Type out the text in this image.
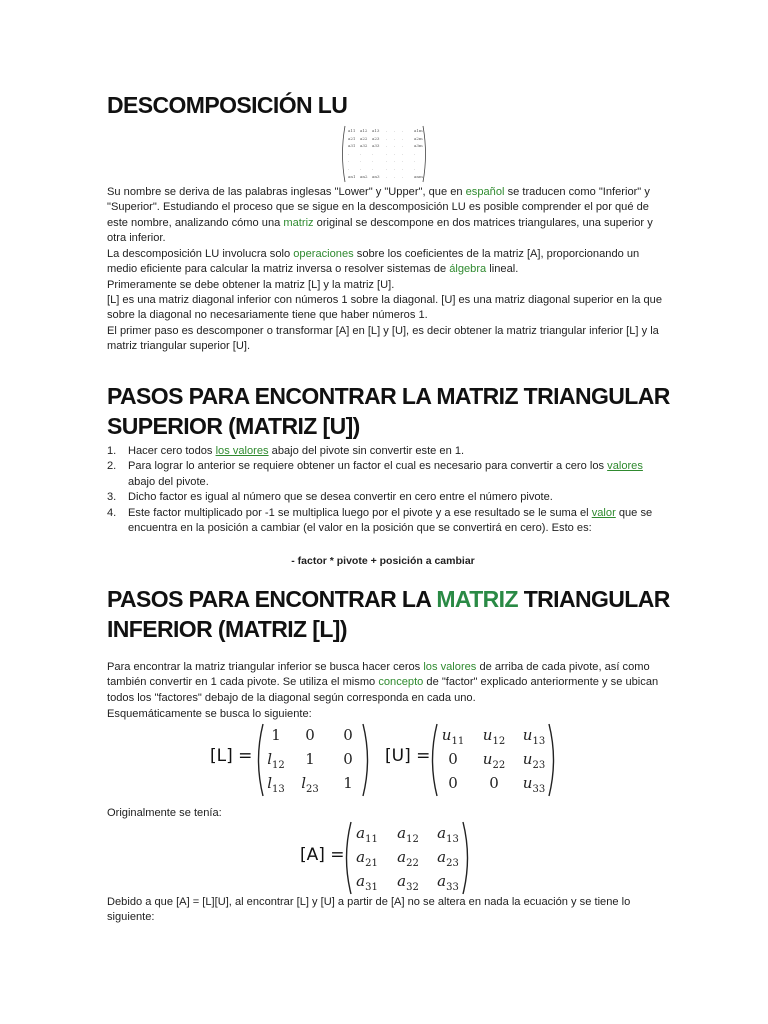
DESCOMPOSICIÓN LU
a11 a12 a13 . . .	a1m
a21 a22 a23 . . .	a2m
a31 a32 a33 . . .	a3m
.	.	.	. . .	.
.	.	.	. . .	.
.	.	.	. . .	.
an1 an2 an3 . . .	anm

Su nombre se deriva de las palabras inglesas "Lower" y "Upper", que en español se traducen como "Inferior" y "Superior". Estudiando el proceso que se sigue en la descomposición LU es posible comprender el por qué de este nombre, analizando cómo una matriz original se descompone en dos matrices triangulares, una superior y otra inferior.

La descomposición LU involucra solo operaciones sobre los coeficientes de la matriz [A], proporcionando un medio eficiente para calcular la matriz inversa o resolver sistemas de álgebra lineal.

Primeramente se debe obtener la matriz [L] y la matriz [U].

[L] es una matriz diagonal inferior con números 1 sobre la diagonal. [U] es una matriz diagonal superior en la que sobre la diagonal no necesariamente tiene que haber números 1.

El primer paso es descomponer o transformar [A] en [L] y [U], es decir obtener la matriz triangular inferior [L] y la matriz triangular superior [U].

PASOS PARA ENCONTRAR LA MATRIZ TRIANGULAR SUPERIOR (MATRIZ [U])
1. Hacer cero todos los valores abajo del pivote sin convertir este en 1.
2. Para lograr lo anterior se requiere obtener un factor el cual es necesario para convertir a cero los valores abajo del pivote.
3. Dicho factor es igual al número que se desea convertir en cero entre el número pivote.
4. Este factor multiplicado por -1 se multiplica luego por el pivote y a ese resultado se le suma el valor que se encuentra en la posición a cambiar (el valor en la posición que se convertirá en cero). Esto es:
- factor * pivote + posición a cambiar
PASOS PARA ENCONTRAR LA MATRIZ TRIANGULAR INFERIOR (MATRIZ [L])

Para encontrar la matriz triangular inferior se busca hacer ceros los valores de arriba de cada pivote, así como también convertir en 1 cada pivote. Se utiliza el mismo concepto de "factor" explicado anteriormente y se ubican todos los "factores" debajo de la diagonal según corresponda en cada uno.

Esquemáticamente se busca lo siguiente:

[L] =
1	0	0
$l_{12}$	1	0
$l_{13}$	$l_{23}$	1
[U] =
$u_{11}$	$u_{12}$	$u_{13}$
0	$u_{22}$	$u_{23}$
0	0	$u_{33}$

Originalmente se tenía:

[A] =
$a_{11}$	$a_{12}$	$a_{13}$
$a_{21}$	$a_{22}$	$a_{23}$
$a_{31}$	$a_{32}$	$a_{33}$

Debido a que [A] = [L][U], al encontrar [L] y [U] a partir de [A] no se altera en nada la ecuación y se tiene lo siguiente:
